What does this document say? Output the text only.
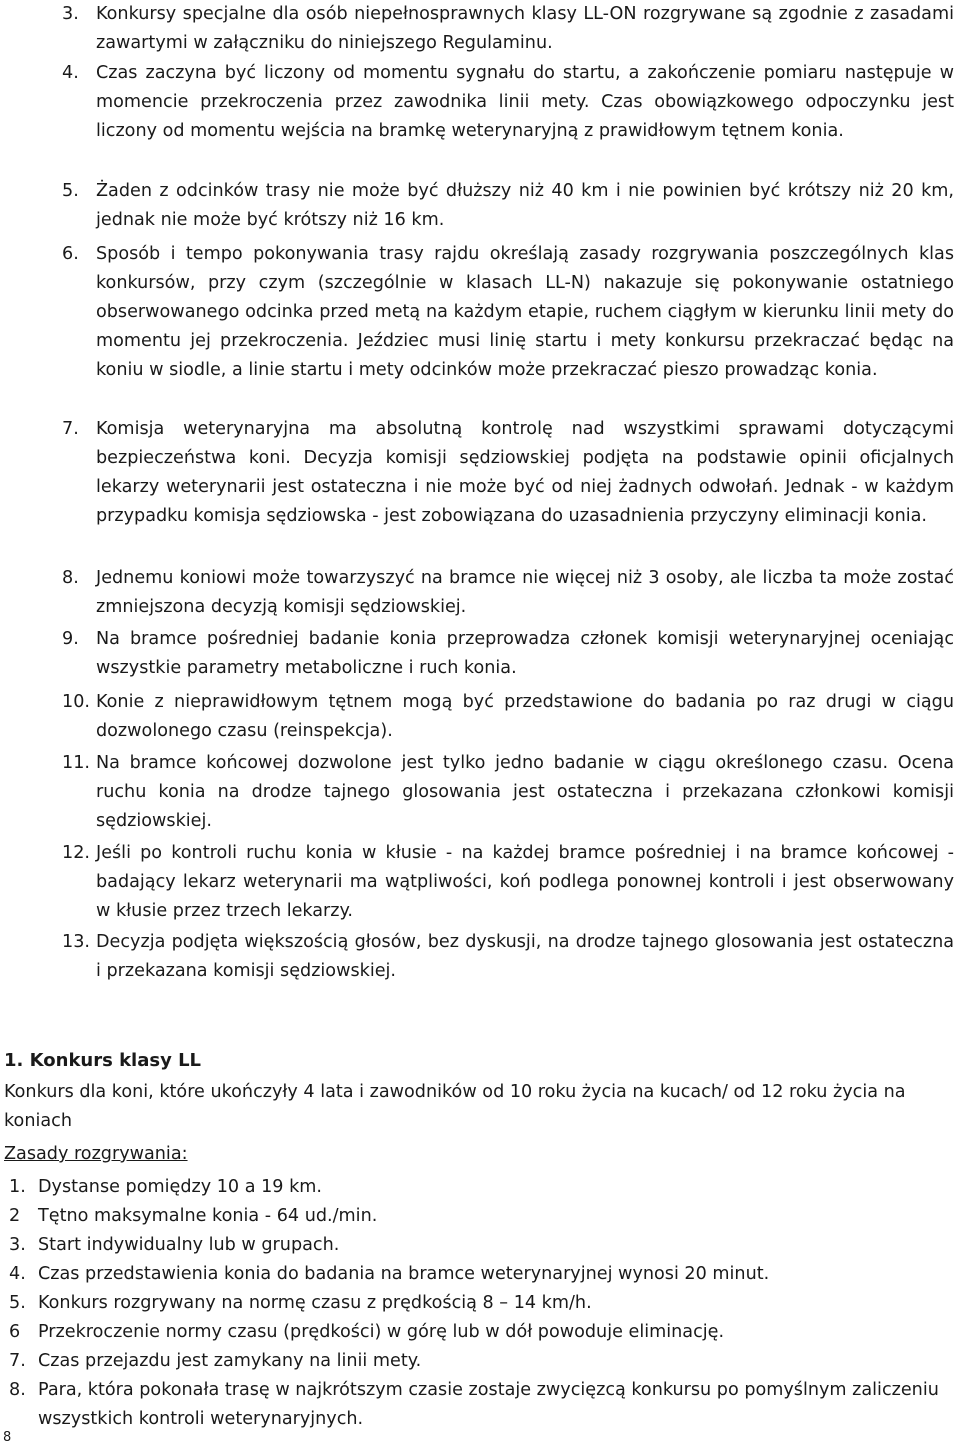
3. Konkursy specjalne dla osób niepełnosprawnych klasy LL-ON rozgrywane są zgodnie z zasadami zawartymi w załączniku do niniejszego Regulaminu.
4. Czas zaczyna być liczony od momentu sygnału do startu, a zakończenie pomiaru następuje w momencie przekroczenia przez zawodnika linii mety. Czas obowiązkowego odpoczynku jest liczony od momentu wejścia na bramkę weterynaryjną z prawidłowym tętnem konia.
5. Żaden z odcinków trasy nie może być dłuższy niż 40 km i nie powinien być krótszy niż 20 km, jednak nie może być krótszy niż 16 km.
6. Sposób i tempo pokonywania trasy rajdu określają zasady rozgrywania poszczególnych klas konkursów, przy czym (szczególnie w klasach LL-N) nakazuje się pokonywanie ostatniego obserwowanego odcinka przed metą na każdym etapie, ruchem ciągłym w kierunku linii mety do momentu jej przekroczenia. Jeździec musi linię startu i mety konkursu przekraczać będąc na koniu w siodle, a linie startu i mety odcinków może przekraczać pieszo prowadząc konia.
7. Komisja weterynaryjna ma absolutną kontrolę nad wszystkimi sprawami dotyczącymi bezpieczeństwa koni. Decyzja komisji sędziowskiej podjęta na podstawie opinii oficjalnych lekarzy weterynarii jest ostateczna i nie może być od niej żadnych odwołań. Jednak - w każdym przypadku komisja sędziowska - jest zobowiązana do uzasadnienia przyczyny eliminacji konia.
8. Jednemu koniowi może towarzyszyć na bramce nie więcej niż 3 osoby, ale liczba ta może zostać zmniejszona decyzją komisji sędziowskiej.
9. Na bramce pośredniej badanie konia przeprowadza członek komisji weterynaryjnej oceniając wszystkie parametry metaboliczne i ruch konia.
10. Konie z nieprawidłowym tętnem mogą być przedstawione do badania po raz drugi w ciągu dozwolonego czasu (reinspekcja).
11. Na bramce końcowej dozwolone jest tylko jedno badanie w ciągu określonego czasu. Ocena ruchu konia na drodze tajnego glosowania jest ostateczna i przekazana członkowi komisji sędziowskiej.
12. Jeśli po kontroli ruchu konia w kłusie - na każdej bramce pośredniej i na bramce końcowej - badający lekarz weterynarii ma wątpliwości, koń podlega ponownej kontroli i jest obserwowany w kłusie przez trzech lekarzy.
13. Decyzja podjęta większością głosów, bez dyskusji, na drodze tajnego glosowania jest ostateczna i przekazana komisji sędziowskiej.
1. Konkurs klasy LL
Konkurs dla koni, które ukończyły 4 lata i zawodników od 10 roku życia na kucach/ od 12 roku życia na koniach
Zasady rozgrywania:
1. Dystanse pomiędzy 10 a 19 km.
2 Tętno maksymalne konia - 64 ud./min.
3. Start indywidualny lub w grupach.
4. Czas przedstawienia konia do badania na bramce weterynaryjnej wynosi 20 minut.
5. Konkurs rozgrywany na normę czasu z prędkością 8 – 14 km/h.
6 Przekroczenie normy czasu (prędkości) w górę lub w dół powoduje eliminację.
7. Czas przejazdu jest zamykany na linii mety.
8. Para, która pokonała trasę w najkrótszym czasie zostaje zwycięzcą konkursu po pomyślnym zaliczeniu wszystkich kontroli weterynaryjnych.
8
